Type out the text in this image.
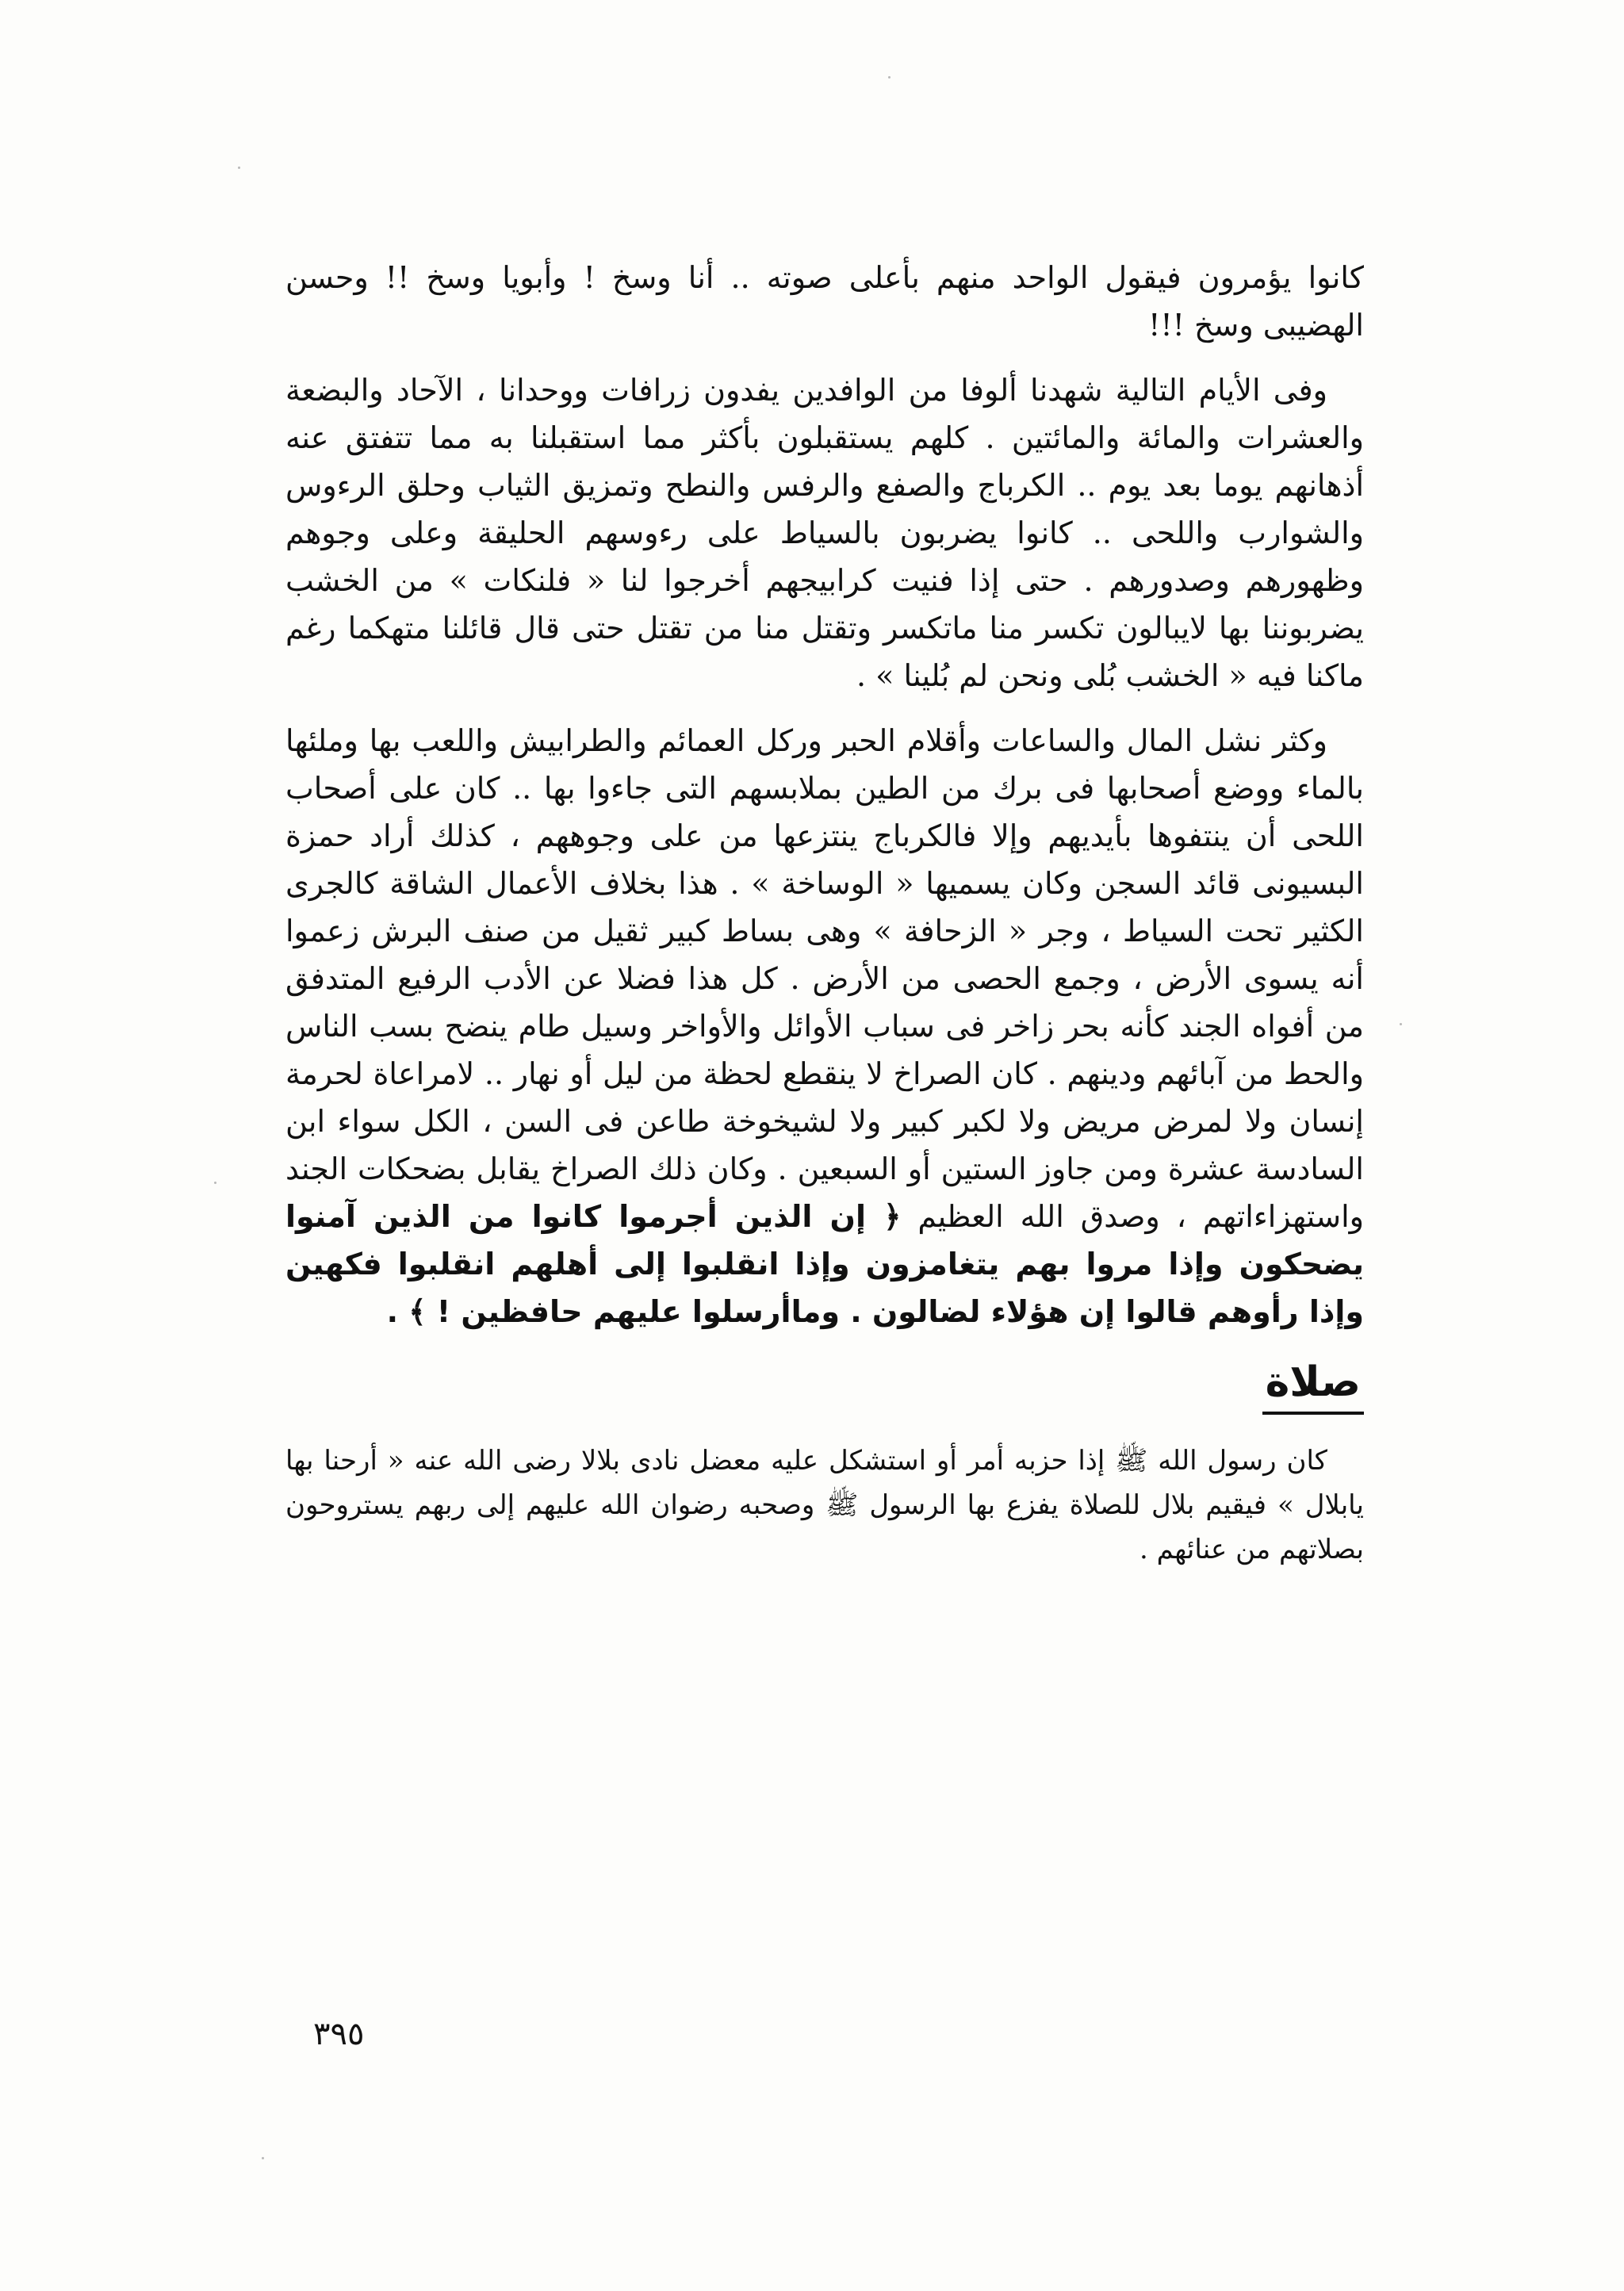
كانوا يؤمرون فيقول الواحد منهم بأعلى صوته .. أنا وسخ ! وأبويا وسخ !! وحسن الهضيبى وسخ !!!

وفى الأيام التالية شهدنا ألوفا من الوافدين يفدون زرافات ووحدانا ، الآحاد والبضعة والعشرات والمائة والمائتين . كلهم يستقبلون بأكثر مما استقبلنا به مما تتفتق عنه أذهانهم يوما بعد يوم .. الكرباج والصفع والرفس والنطح وتمزيق الثياب وحلق الرءوس والشوارب واللحى .. كانوا يضربون بالسياط على رءوسهم الحليقة وعلى وجوهم وظهورهم وصدورهم . حتى إذا فنيت كرابيجهم أخرجوا لنا « فلنكات » من الخشب يضربوننا بها لايبالون تكسر منا ماتكسر وتقتل منا من تقتل حتى قال قائلنا متهكما رغم ماكنا فيه « الخشب بُلى ونحن لم بُلينا » .

وكثر نشل المال والساعات وأقلام الحبر وركل العمائم والطرابيش واللعب بها وملئها بالماء ووضع أصحابها فى برك من الطين بملابسهم التى جاءوا بها .. كان على أصحاب اللحى أن ينتفوها بأيديهم وإلا فالكرباج ينتزعها من على وجوههم ، كذلك أراد حمزة البسيونى قائد السجن وكان يسميها « الوساخة » . هذا بخلاف الأعمال الشاقة كالجرى الكثير تحت السياط ، وجر « الزحافة » وهى بساط كبير ثقيل من صنف البرش زعموا أنه يسوى الأرض ، وجمع الحصى من الأرض . كل هذا فضلا عن الأدب الرفيع المتدفق من أفواه الجند كأنه بحر زاخر فى سباب الأوائل والأواخر وسيل طام ينضح بسب الناس والحط من آبائهم ودينهم . كان الصراخ لا ينقطع لحظة من ليل أو نهار .. لامراعاة لحرمة إنسان ولا لمرض مريض ولا لكبر كبير ولا لشيخوخة طاعن فى السن ، الكل سواء ابن السادسة عشرة ومن جاوز الستين أو السبعين . وكان ذلك الصراخ يقابل بضحكات الجند واستهزاءاتهم ، وصدق الله العظيم ﴿ إن الذين أجرموا كانوا من الذين آمنوا يضحكون وإذا مروا بهم يتغامزون وإذا انقلبوا إلى أهلهم انقلبوا فكهين وإذا رأوهم قالوا إن هؤلاء لضالون . وماأرسلوا عليهم حافظين ! ﴾ .

صلاة

كان رسول الله ﷺ إذا حزبه أمر أو استشكل عليه معضل نادى بلالا رضى الله عنه « أرحنا بها يابلال » فيقيم بلال للصلاة يفزع بها الرسول ﷺ وصحبه رضوان الله عليهم إلى ربهم يستروحون بصلاتهم من عنائهم .

٣٩٥
